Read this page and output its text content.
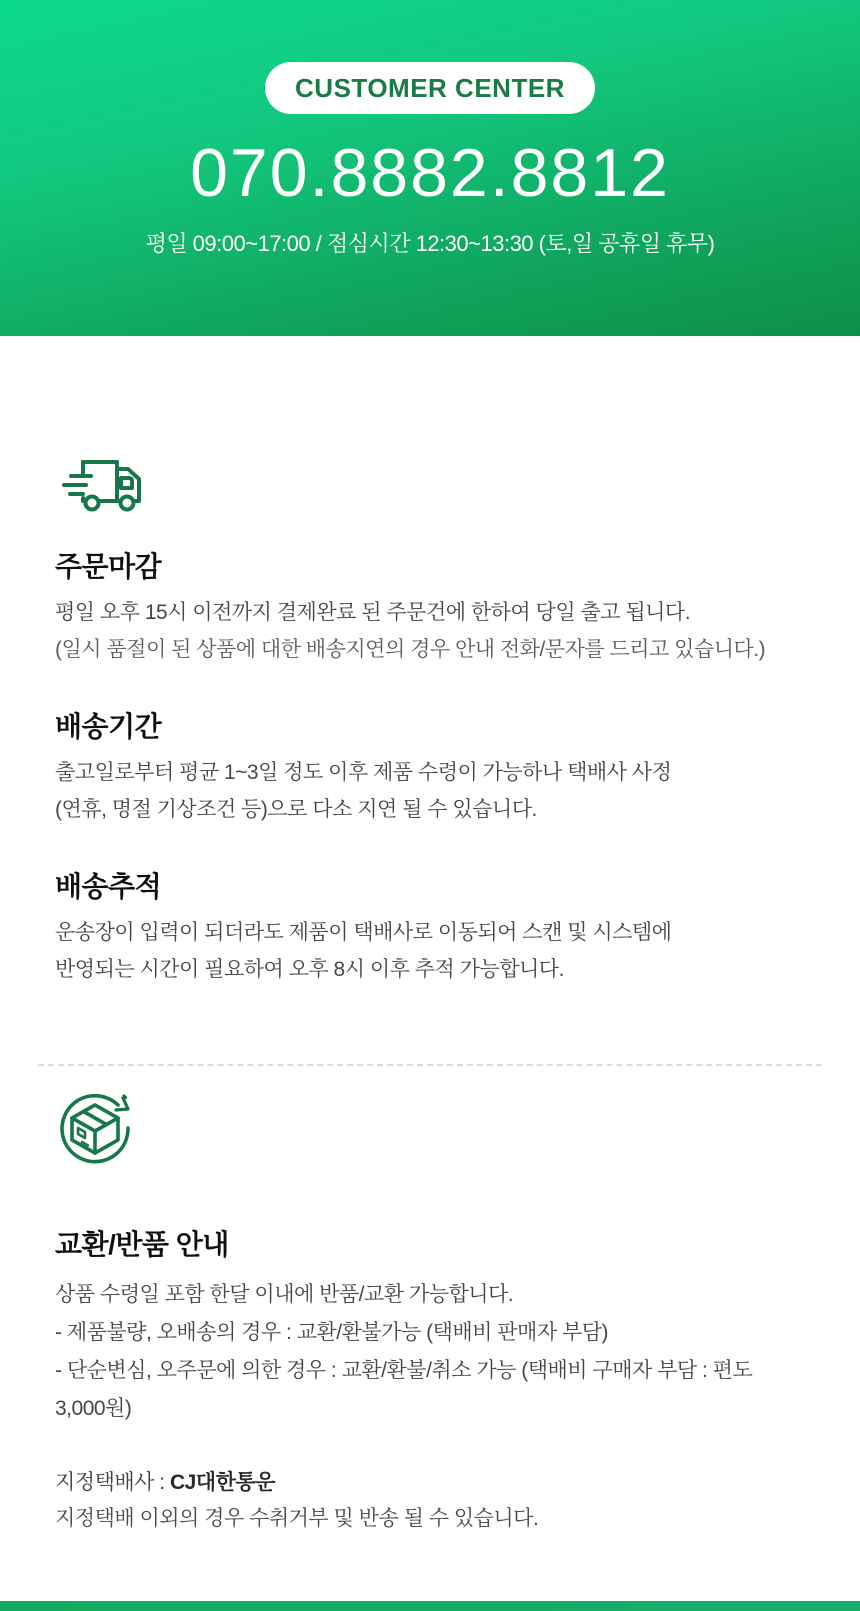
CUSTOMER CENTER
070.8882.8812
평일 09:00~17:00 / 점심시간 12:30~13:30 (토,일 공휴일 휴무)
주문마감

평일 오후 15시 이전까지 결제완료 된 주문건에 한하여 당일 출고 됩니다.

(일시 품절이 된 상품에 대한 배송지연의 경우 안내 전화/문자를 드리고 있습니다.)

배송기간

출고일로부터 평균 1~3일 정도 이후 제품 수령이 가능하나 택배사 사정

(연휴, 명절 기상조건 등)으로 다소 지연 될 수 있습니다.

배송추적

운송장이 입력이 되더라도 제품이 택배사로 이동되어 스캔 및 시스템에

반영되는 시간이 필요하여 오후 8시 이후 추적 가능합니다.

교환/반품 안내

상품 수령일 포함 한달 이내에 반품/교환 가능합니다.

- 제품불량, 오배송의 경우 : 교환/환불가능 (택배비 판매자 부담)

- 단순변심, 오주문에 의한 경우 : 교환/환불/취소 가능 (택배비 구매자 부담 : 편도 3,000원)

지정택배사 : CJ대한통운

지정택배 이외의 경우 수취거부 및 반송 될 수 있습니다.
